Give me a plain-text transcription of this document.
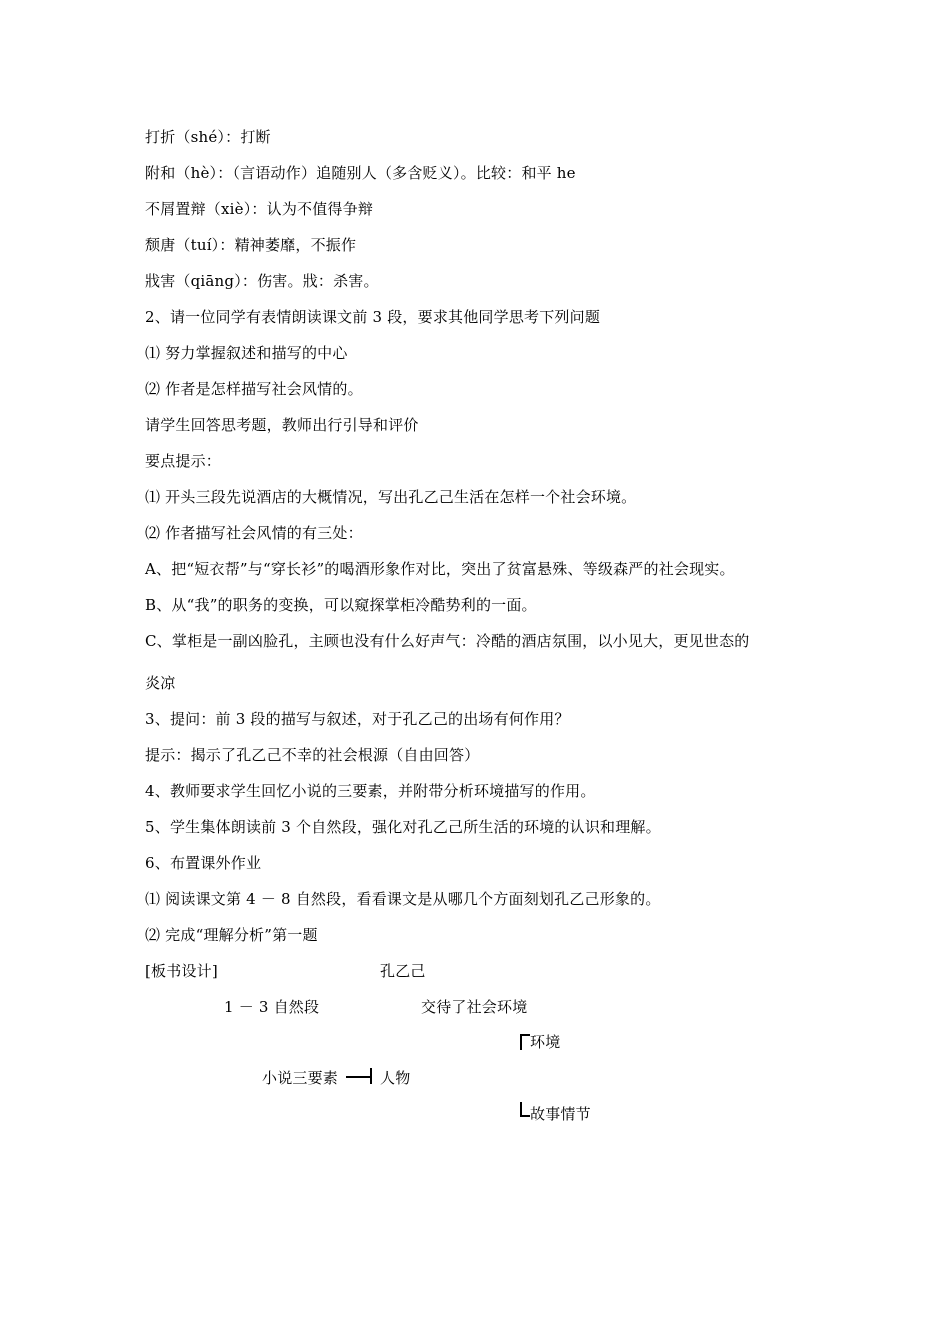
打折（shé）：打断
附和（hè）：（言语动作）追随别人（多含贬义）。比较：和平 he
不屑置辩（xiè）：认为不值得争辩
颓唐（tuí）：精神萎靡，不振作
戕害（qiāng）：伤害。戕：杀害。
2、请一位同学有表情朗读课文前 3 段，要求其他同学思考下列问题
⑴ 努力掌握叙述和描写的中心
⑵ 作者是怎样描写社会风情的。
请学生回答思考题，教师出行引导和评价
要点提示：
⑴ 开头三段先说酒店的大概情况，写出孔乙己生活在怎样一个社会环境。
⑵ 作者描写社会风情的有三处：
A、把“短衣帮”与“穿长衫”的喝酒形象作对比，突出了贫富悬殊、等级森严的社会现实。
B、从“我”的职务的变换，可以窥探掌柜冷酷势利的一面。
C、掌柜是一副凶脸孔，主顾也没有什么好声气：冷酷的酒店氛围，以小见大，更见世态的
炎凉
3、提问：前 3 段的描写与叙述，对于孔乙己的出场有何作用？
提示：揭示了孔乙己不幸的社会根源（自由回答）
4、教师要求学生回忆小说的三要素，并附带分析环境描写的作用。
5、学生集体朗读前 3 个自然段，强化对孔乙己所生活的环境的认识和理解。
6、布置课外作业
⑴ 阅读课文第 4 － 8 自然段，看看课文是从哪几个方面刻划孔乙己形象的。
⑵ 完成“理解分析”第一题
[板书设计]	孔乙己
1 － 3 自然段	交待了社会环境
环境
小说三要素	人物
故事情节
